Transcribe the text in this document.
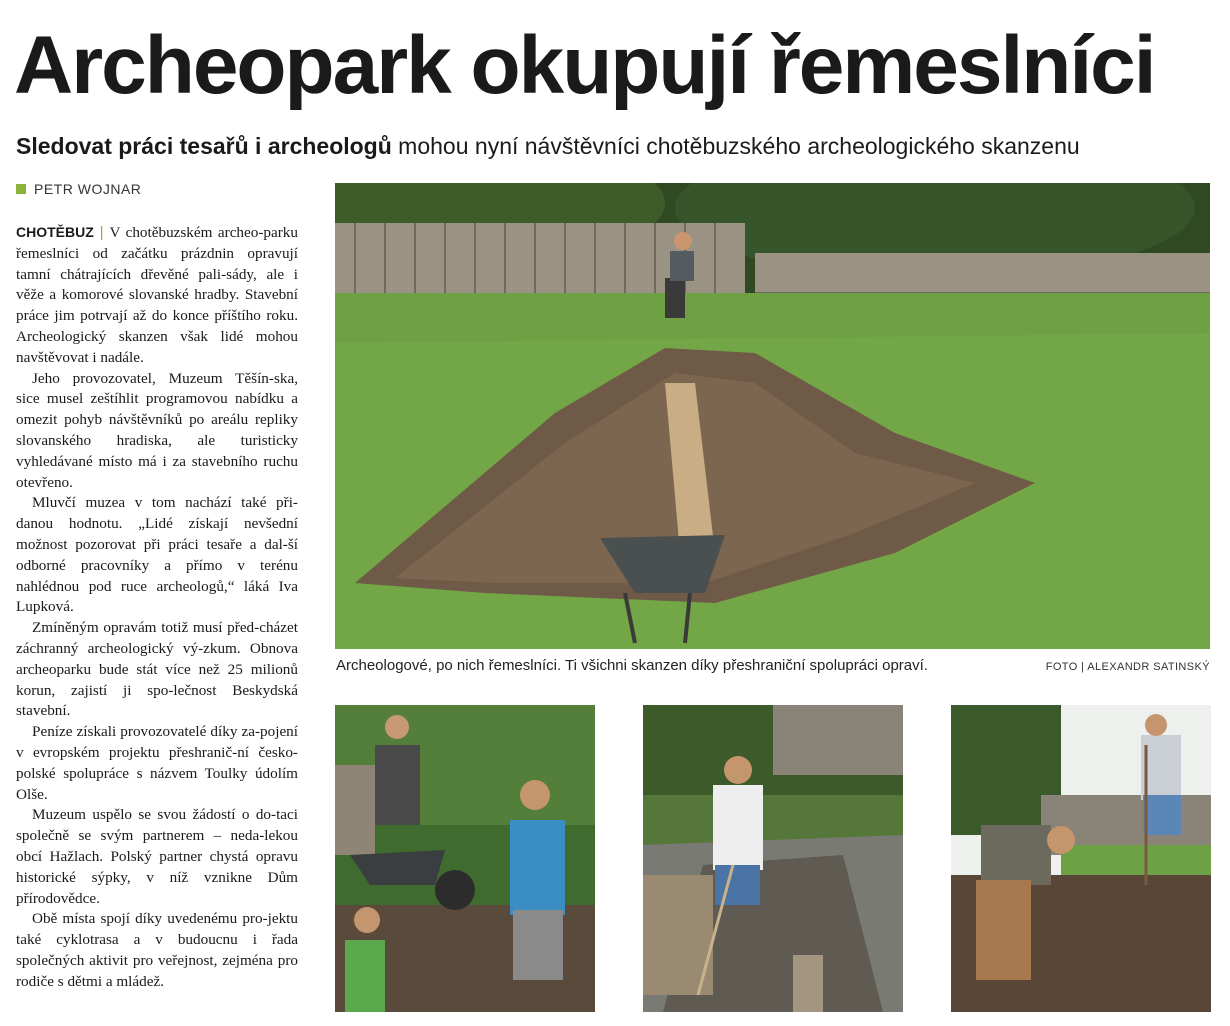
Archeopark okupují řemeslníci
Sledovat práci tesařů i archeologů mohou nyní návštěvníci chotěbuzského archeologického skanzenu
PETR WOJNAR

CHOTĚBUZ | V chotěbuzském archeo-parku řemeslníci od začátku prázdnin opravují tamní chátrajících dřevěné pali-sády, ale i věže a komorové slovanské hradby. Stavební práce jim potrvají až do konce příštího roku. Archeologický skanzen však lidé mohou navštěvovat i nadále.

Jeho provozovatel, Muzeum Těšín-ska, sice musel zeštíhlit programovou nabídku a omezit pohyb návštěvníků po areálu repliky slovanského hradiska, ale turisticky vyhledávané místo má i za stavebního ruchu otevřeno.

Mluvčí muzea v tom nachází také při-danou hodnotu. „Lidé získají nevšední možnost pozorovat při práci tesaře a dal-ší odborné pracovníky a přímo v terénu nahlédnou pod ruce archeologů,“ láká Iva Lupková.

Zmíněným opravám totiž musí před-cházet záchranný archeologický vý-zkum. Obnova archeoparku bude stát více než 25 milionů korun, zajistí ji spo-lečnost Beskydská stavební.

Peníze získali provozovatelé díky za-pojení v evropském projektu přeshranič-ní česko-polské spolupráce s názvem Toulky údolím Olše.

Muzeum uspělo se svou žádostí o do-taci společně se svým partnerem – neda-lekou obcí Hažlach. Polský partner chystá opravu historické sýpky, v níž vznikne Dům přírodovědce.

Obě místa spojí díky uvedenému pro-jektu také cyklotrasa a v budoucnu i řada společných aktivit pro veřejnost, zejména pro rodiče s dětmi a mládež.

Archeologové, po nich řemeslníci. Ti všichni skanzen díky přeshraniční spolupráci opraví.	FOTO | ALEXANDR SATINSKÝ
